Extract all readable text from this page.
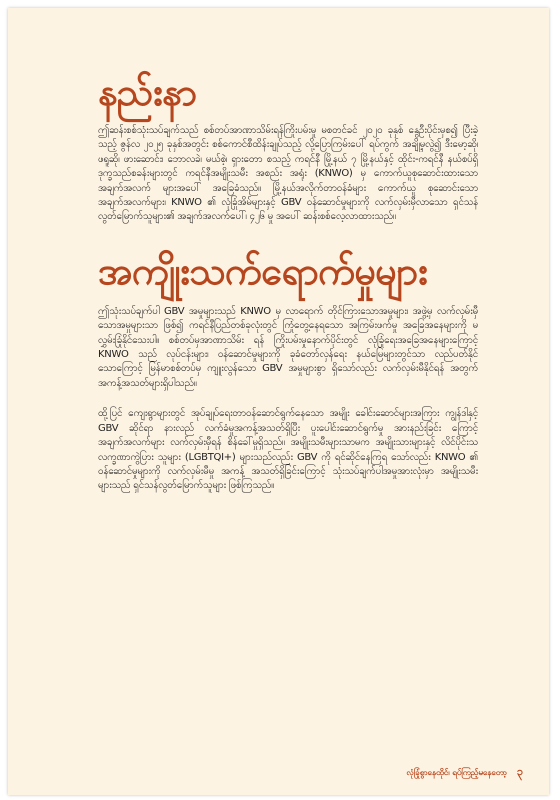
နည်းနာ

ဤဆန်းစစ်သုံးသပ်ချက်သည် စစ်တပ်အာဏာသိမ်းရန်ကြိုးပမ်းမှု မစတင်ခင် ၂၀၂၀ ခုနှစ် နွေဦးပိုင်းမှစ၍ ပြီးခဲ့သည့် ဇွန်လ ၂၀၂၅ ခုနှစ်အတွင်း စစ်ကောင်စီထိန်းချုပ်သည့် လို့ပြောကြမ်းပေါ် ရပ်ကွက် အချို့မှလွဲ၍ ဒီးမော့ဆို၊ ဖရူဆို၊ ဖားဆောင်း၊ ဘောလခဲ၊ မယ်စဲ့၊ ရှားတော စသည့် ကရင်နီ မြို့နယ် ၇ မြို့နယ်နှင့် ထိုင်း-ကရင်နီ နယ်စပ်ရှိ ဒုက္ခသည်စခန်းများတွင် ကရင်နီအမျိုးသမီး အစည်း အရုံး (KNWO) မှ ကောက်ယူစုဆောင်းထားသော အချက်အလက် များအပေါ် အခြေခံသည်။ မြို့နယ်အလိုက်တာဝန်ခံများ ကောက်ယူ စုဆောင်းသော အချက်အလက်များ၊ KNWO ၏ လုံခြုံအိမ်များနှင့် GBV ဝန်ဆောင်မှုများကို လက်လှမ်းမှီလာသော ရှင်သန် လွတ်မြောက်သူများ၏ အချက်အလက်ပေါ်၊ ၄၂၆ မှု အပေါ် ဆန်းစစ်လေ့လာထားသည်။

အကျိုးသက်ရောက်မှုများ

ဤသုံးသပ်ချက်ပါ GBV အမှုများသည် KNWO မှ လာရောက် တိုင်ကြားသောအမှုများ၊ အဖွဲ့မှ လက်လှမ်းမှီသောအမှုများသာ ဖြစ်၍ ကရင်နီပြည်တစ်ခုလုံးတွင် ကြုံတွေ့နေရသော အကြမ်းဖက်မှု အခြေအနေများကို မလွှမ်းခြုံနိုင်သေးပါ။ စစ်တပ်မှအာဏာသိမ်း ရန် ကြိုးပမ်းမှုနောက်ပိုင်းတွင် လုံခြုံရေးအခြေအနေများကြောင့် KNWO သည် လုပ်ငန်းများ၊ ဝန်ဆောင်မှုများကို ခုခံတော်လှန်ရေး နယ်မြေများတွင်သာ လည်ပတ်နိုင်သောကြောင့် မြန်မာစစ်တပ်မှ ကျူးလွန်သော GBV အမှုများစွာ ရှိသော်လည်း လက်လှမ်းမီနိုင်ရန် အတွက် အကန့်အသတ်များရှိပါသည်။

ထို့ပြင် ကျေးရွာများတွင် အုပ်ချုပ်ရေးတာဝန်ဆောင်ရွက်နေသော အမျိုး ခေါင်းဆောင်များအကြား ကျွန်ဒါနှင့် GBV ဆိုင်ရာ နားလည် လက်ခံမှုအကန့်အသတ်ရှိပြီး ပူးပေါင်းဆောင်ရွက်မှု အားနည်းခြင်း ကြောင့် အချက်အလက်များ လက်လှမ်းမှီရန် စိန်ခေါ်မှုရှိသည်။ အမျိုးသမီးများသာမက အမျိုးသားများနှင့် လိင်ပိုင်းသလက္ခဏာကွဲပြား သူများ (LGBTQI+) များသည်လည်း GBV ကို ရင်ဆိုင်နေကြရ သော်လည်း KNWO ၏ ဝန်ဆောင်မှုများကို လက်လှမ်းမီမှု အကန့် အသတ်ရှိခြင်းကြောင့် သုံးသပ်ချက်ပါအမှုအားလုံးမှာ အမျိုးသမီး များသည် ရှင်သန်လွတ်မြောက်သူများ ဖြစ်ကြသည်။

လုံခြုံစွာနေထိုင်၊ ရပ်ကြည့်မနေတော့ ၃
